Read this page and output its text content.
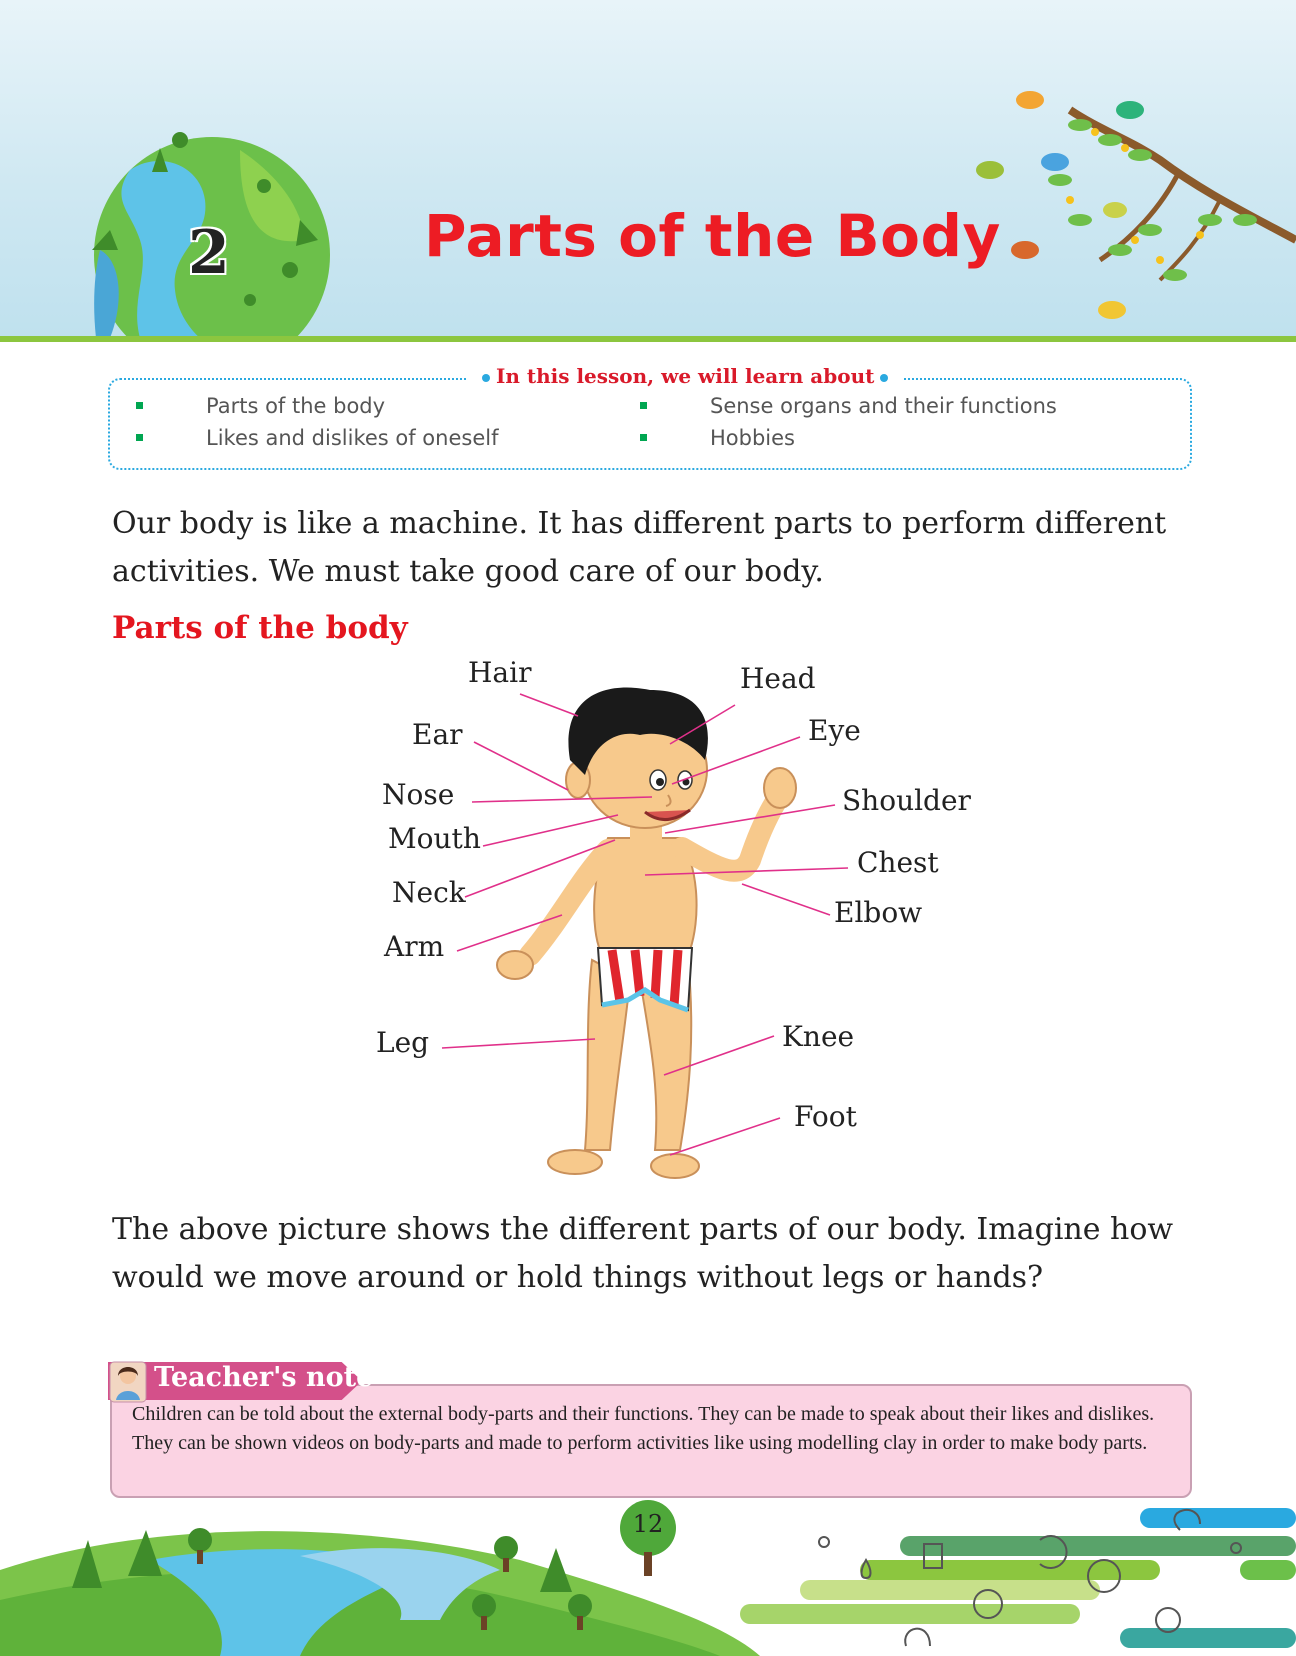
2	Parts of the Body
In this lesson, we will learn about
Parts of the body	Sense organs and their functions
Likes and dislikes of oneself	Hobbies

Our body is like a machine. It has different parts to perform different activities. We must take good care of our body.

Parts of the body
Hair	Head
Ear	Eye
Nose	Shoulder
Mouth
Chest
Neck
Elbow
Arm
Leg	Knee
Foot

The above picture shows the different parts of our body. Imagine how would we move around or hold things without legs or hands?

Teacher's note

Children can be told about the external body-parts and their functions. They can be made to speak about their likes and dislikes. They can be shown videos on body-parts and made to perform activities like using modelling clay in order to make body parts.

12
